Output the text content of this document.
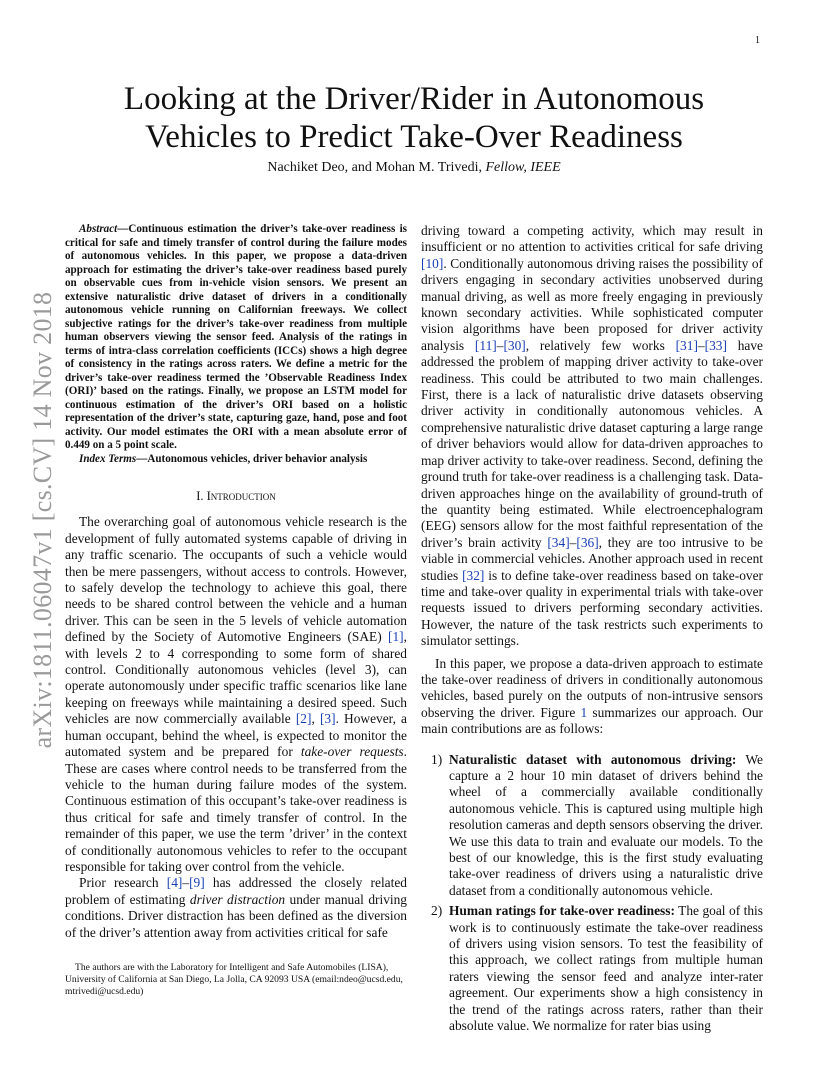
1
arXiv:1811.06047v1 [cs.CV] 14 Nov 2018
Looking at the Driver/Rider in Autonomous Vehicles to Predict Take-Over Readiness
Nachiket Deo, and Mohan M. Trivedi, Fellow, IEEE

Abstract—Continuous estimation the driver’s take-over readiness is critical for safe and timely transfer of control during the failure modes of autonomous vehicles. In this paper, we propose a data-driven approach for estimating the driver’s take-over readiness based purely on observable cues from in-vehicle vision sensors. We present an extensive naturalistic drive dataset of drivers in a conditionally autonomous vehicle running on Californian freeways. We collect subjective ratings for the driver’s take-over readiness from multiple human observers viewing the sensor feed. Analysis of the ratings in terms of intra-class correlation coefficients (ICCs) shows a high degree of consistency in the ratings across raters. We define a metric for the driver’s take-over readiness termed the ’Observable Readiness Index (ORI)’ based on the ratings. Finally, we propose an LSTM model for continuous estimation of the driver’s ORI based on a holistic representation of the driver’s state, capturing gaze, hand, pose and foot activity. Our model estimates the ORI with a mean absolute error of 0.449 on a 5 point scale.

Index Terms—Autonomous vehicles, driver behavior analysis

I. Introduction

The overarching goal of autonomous vehicle research is the development of fully automated systems capable of driving in any traffic scenario. The occupants of such a vehicle would then be mere passengers, without access to controls. However, to safely develop the technology to achieve this goal, there needs to be shared control between the vehicle and a human driver. This can be seen in the 5 levels of vehicle automation defined by the Society of Automotive Engineers (SAE) [1], with levels 2 to 4 corresponding to some form of shared control. Conditionally autonomous vehicles (level 3), can operate autonomously under specific traffic scenarios like lane keeping on freeways while maintaining a desired speed. Such vehicles are now commercially available [2], [3]. However, a human occupant, behind the wheel, is expected to monitor the automated system and be prepared for take-over requests. These are cases where control needs to be transferred from the vehicle to the human during failure modes of the system. Continuous estimation of this occupant’s take-over readiness is thus critical for safe and timely transfer of control. In the remainder of this paper, we use the term ’driver’ in the context of conditionally autonomous vehicles to refer to the occupant responsible for taking over control from the vehicle.

Prior research [4]–[9] has addressed the closely related problem of estimating driver distraction under manual driving conditions. Driver distraction has been defined as the diversion of the driver’s attention away from activities critical for safe

The authors are with the Laboratory for Intelligent and Safe Automobiles (LISA), University of California at San Diego, La Jolla, CA 92093 USA (email:ndeo@ucsd.edu, mtrivedi@ucsd.edu)

driving toward a competing activity, which may result in insufficient or no attention to activities critical for safe driving [10]. Conditionally autonomous driving raises the possibility of drivers engaging in secondary activities unobserved during manual driving, as well as more freely engaging in previously known secondary activities. While sophisticated computer vision algorithms have been proposed for driver activity analysis [11]–[30], relatively few works [31]–[33] have addressed the problem of mapping driver activity to take-over readiness. This could be attributed to two main challenges. First, there is a lack of naturalistic drive datasets observing driver activity in conditionally autonomous vehicles. A comprehensive naturalistic drive dataset capturing a large range of driver behaviors would allow for data-driven approaches to map driver activity to take-over readiness. Second, defining the ground truth for take-over readiness is a challenging task. Data-driven approaches hinge on the availability of ground-truth of the quantity being estimated. While electroencephalogram (EEG) sensors allow for the most faithful representation of the driver’s brain activity [34]–[36], they are too intrusive to be viable in commercial vehicles. Another approach used in recent studies [32] is to define take-over readiness based on take-over time and take-over quality in experimental trials with take-over requests issued to drivers performing secondary activities. However, the nature of the task restricts such experiments to simulator settings.

In this paper, we propose a data-driven approach to estimate the take-over readiness of drivers in conditionally autonomous vehicles, based purely on the outputs of non-intrusive sensors observing the driver. Figure 1 summarizes our approach. Our main contributions are as follows:

1) Naturalistic dataset with autonomous driving: We capture a 2 hour 10 min dataset of drivers behind the wheel of a commercially available conditionally autonomous vehicle. This is captured using multiple high resolution cameras and depth sensors observing the driver. We use this data to train and evaluate our models. To the best of our knowledge, this is the first study evaluating take-over readiness of drivers using a naturalistic drive dataset from a conditionally autonomous vehicle.
2) Human ratings for take-over readiness: The goal of this work is to continuously estimate the take-over readiness of drivers using vision sensors. To test the feasibility of this approach, we collect ratings from multiple human raters viewing the sensor feed and analyze inter-rater agreement. Our experiments show a high consistency in the trend of the ratings across raters, rather than their absolute value. We normalize for rater bias using
